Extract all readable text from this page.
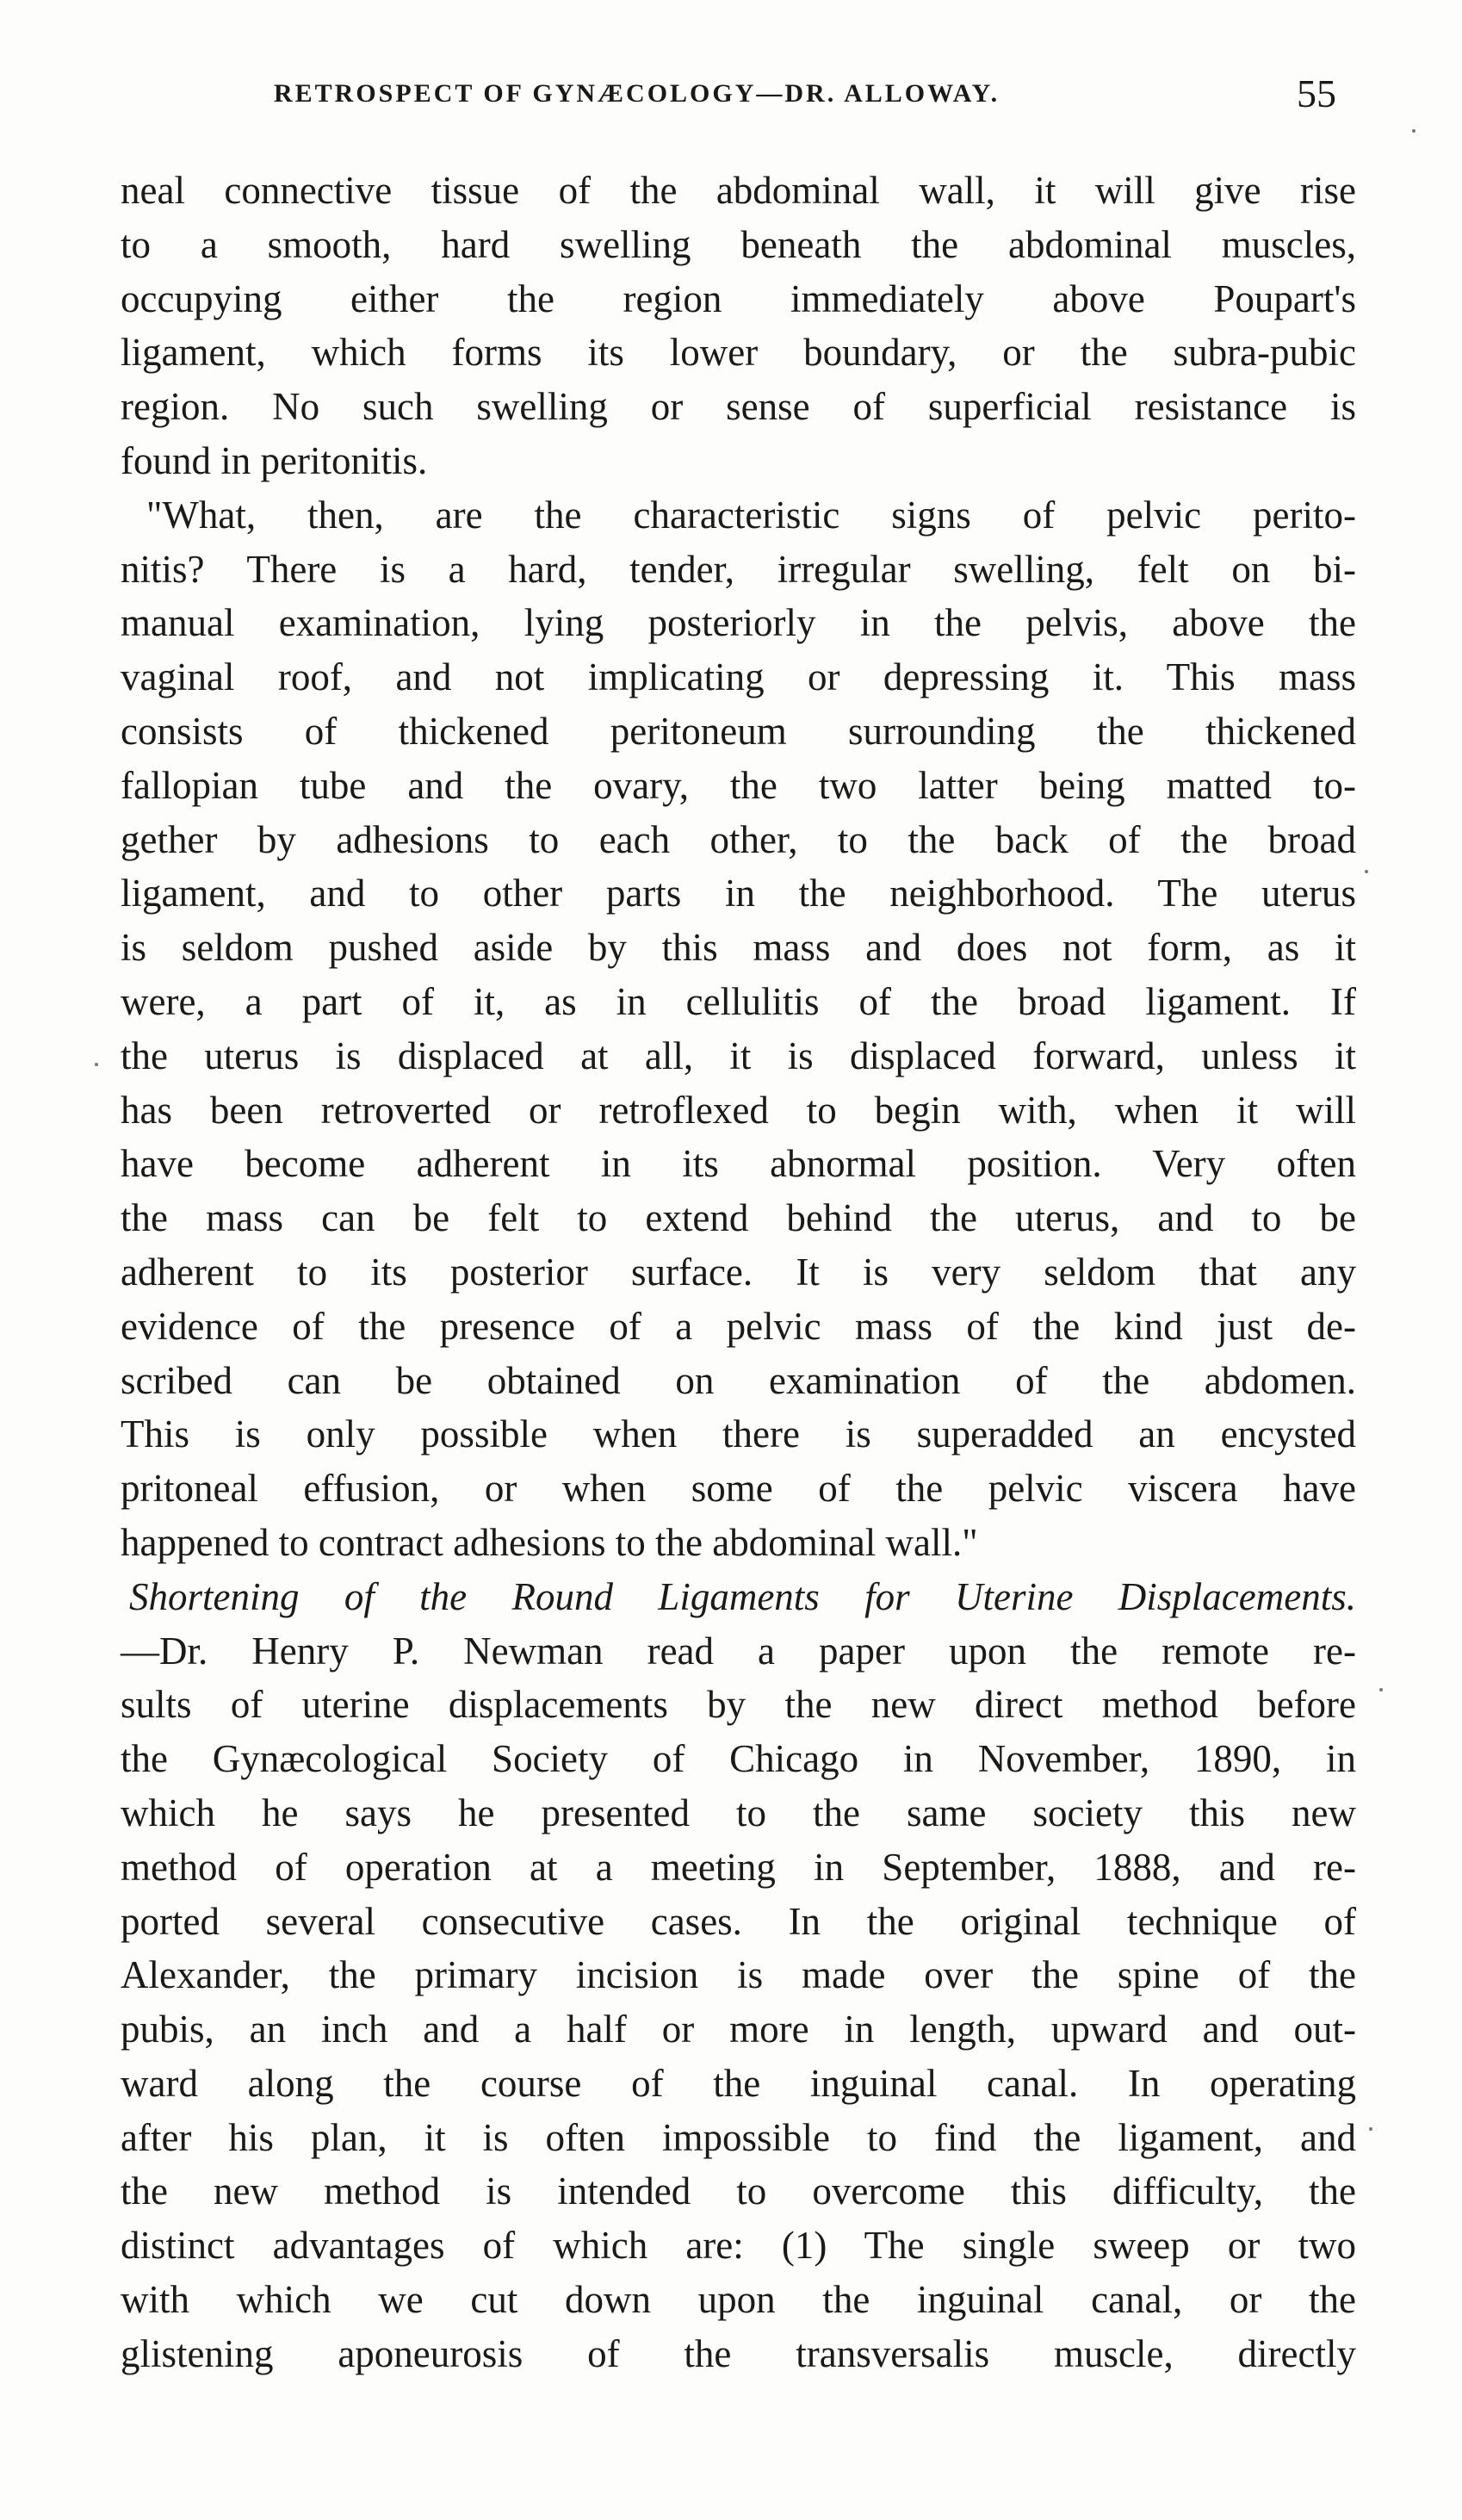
RETROSPECT OF GYNÆCOLOGY—DR. ALLOWAY.	55

neal connective tissue of the abdominal wall, it will give rise
to a smooth, hard swelling beneath the abdominal muscles,
occupying either the region immediately above Poupart's
ligament, which forms its lower boundary, or the subra-pubic
region. No such swelling or sense of superficial resistance is
found in peritonitis.

"What, then, are the characteristic signs of pelvic perito-
nitis? There is a hard, tender, irregular swelling, felt on bi-
manual examination, lying posteriorly in the pelvis, above the
vaginal roof, and not implicating or depressing it. This mass
consists of thickened peritoneum surrounding the thickened
fallopian tube and the ovary, the two latter being matted to-
gether by adhesions to each other, to the back of the broad
ligament, and to other parts in the neighborhood. The uterus
is seldom pushed aside by this mass and does not form, as it
were, a part of it, as in cellulitis of the broad ligament. If
the uterus is displaced at all, it is displaced forward, unless it
has been retroverted or retroflexed to begin with, when it will
have become adherent in its abnormal position. Very often
the mass can be felt to extend behind the uterus, and to be
adherent to its posterior surface. It is very seldom that any
evidence of the presence of a pelvic mass of the kind just de-
scribed can be obtained on examination of the abdomen.
This is only possible when there is superadded an encysted
pritoneal effusion, or when some of the pelvic viscera have
happened to contract adhesions to the abdominal wall."

Shortening of the Round Ligaments for Uterine Displacements.
—Dr. Henry P. Newman read a paper upon the remote re-
sults of uterine displacements by the new direct method before
the Gynæcological Society of Chicago in November, 1890, in
which he says he presented to the same society this new
method of operation at a meeting in September, 1888, and re-
ported several consecutive cases. In the original technique of
Alexander, the primary incision is made over the spine of the
pubis, an inch and a half or more in length, upward and out-
ward along the course of the inguinal canal. In operating
after his plan, it is often impossible to find the ligament, and
the new method is intended to overcome this difficulty, the
distinct advantages of which are: (1) The single sweep or two
with which we cut down upon the inguinal canal, or the
glistening aponeurosis of the transversalis muscle, directly
